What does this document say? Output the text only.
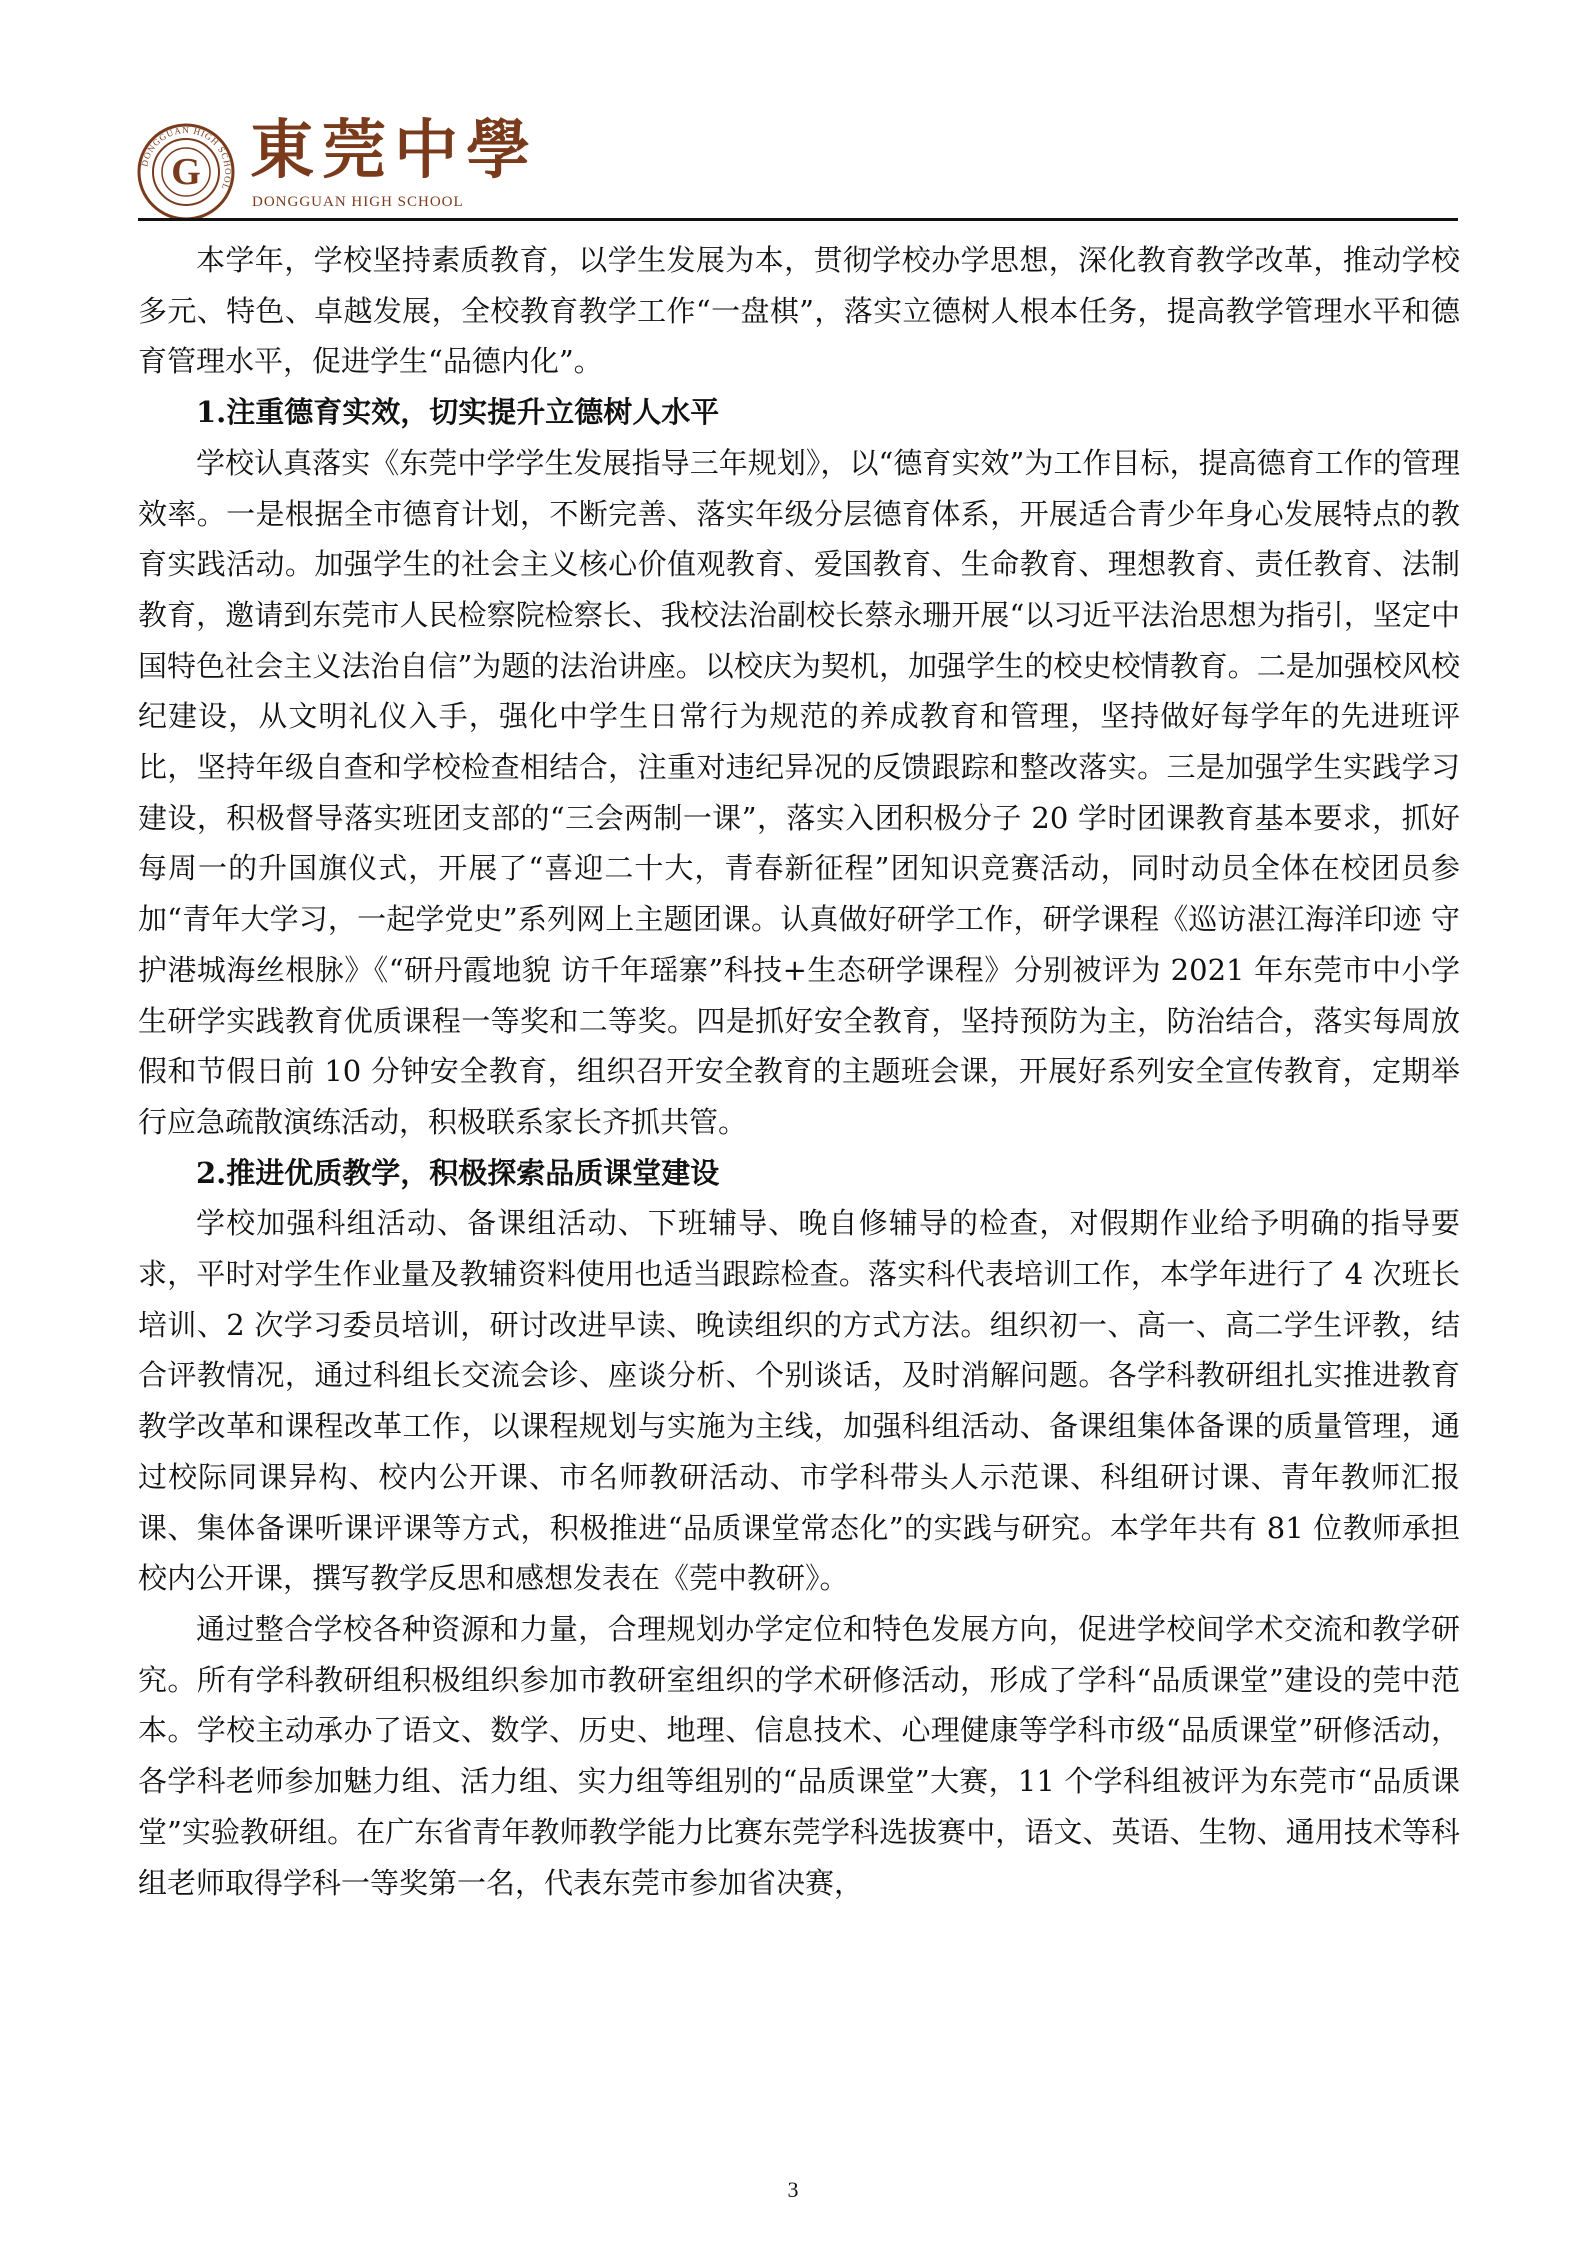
DONGGUAN HIGH SCHOOL
G 東莞中學
DONGGUAN HIGH SCHOOL

本学年，学校坚持素质教育，以学生发展为本，贯彻学校办学思想，深化教育教学改革，推动学校多元、特色、卓越发展，全校教育教学工作“一盘棋”，落实立德树人根本任务，提高教学管理水平和德育管理水平，促进学生“品德内化”。

1.注重德育实效，切实提升立德树人水平

学校认真落实《东莞中学学生发展指导三年规划》，以“德育实效”为工作目标，提高德育工作的管理效率。一是根据全市德育计划，不断完善、落实年级分层德育体系，开展适合青少年身心发展特点的教育实践活动。加强学生的社会主义核心价值观教育、爱国教育、生命教育、理想教育、责任教育、法制教育，邀请到东莞市人民检察院检察长、我校法治副校长蔡永珊开展“以习近平法治思想为指引，坚定中国特色社会主义法治自信”为题的法治讲座。以校庆为契机，加强学生的校史校情教育。二是加强校风校纪建设，从文明礼仪入手，强化中学生日常行为规范的养成教育和管理，坚持做好每学年的先进班评比，坚持年级自查和学校检查相结合，注重对违纪异况的反馈跟踪和整改落实。三是加强学生实践学习建设，积极督导落实班团支部的“三会两制一课”，落实入团积极分子 20 学时团课教育基本要求，抓好每周一的升国旗仪式，开展了“喜迎二十大，青春新征程”团知识竞赛活动，同时动员全体在校团员参加“青年大学习，一起学党史”系列网上主题团课。认真做好研学工作，研学课程《巡访湛江海洋印迹 守护港城海丝根脉》《“研丹霞地貌 访千年瑶寨”科技+生态研学课程》分别被评为 2021 年东莞市中小学生研学实践教育优质课程一等奖和二等奖。四是抓好安全教育，坚持预防为主，防治结合，落实每周放假和节假日前 10 分钟安全教育，组织召开安全教育的主题班会课，开展好系列安全宣传教育，定期举行应急疏散演练活动，积极联系家长齐抓共管。

2.推进优质教学，积极探索品质课堂建设

学校加强科组活动、备课组活动、下班辅导、晚自修辅导的检查，对假期作业给予明确的指导要求，平时对学生作业量及教辅资料使用也适当跟踪检查。落实科代表培训工作，本学年进行了 4 次班长培训、2 次学习委员培训，研讨改进早读、晚读组织的方式方法。组织初一、高一、高二学生评教，结合评教情况，通过科组长交流会诊、座谈分析、个别谈话，及时消解问题。各学科教研组扎实推进教育教学改革和课程改革工作，以课程规划与实施为主线，加强科组活动、备课组集体备课的质量管理，通过校际同课异构、校内公开课、市名师教研活动、市学科带头人示范课、科组研讨课、青年教师汇报课、集体备课听课评课等方式，积极推进“品质课堂常态化”的实践与研究。本学年共有 81 位教师承担校内公开课，撰写教学反思和感想发表在《莞中教研》。

通过整合学校各种资源和力量，合理规划办学定位和特色发展方向，促进学校间学术交流和教学研究。所有学科教研组积极组织参加市教研室组织的学术研修活动，形成了学科“品质课堂”建设的莞中范本。学校主动承办了语文、数学、历史、地理、信息技术、心理健康等学科市级“品质课堂”研修活动，各学科老师参加魅力组、活力组、实力组等组别的“品质课堂”大赛，11 个学科组被评为东莞市“品质课堂”实验教研组。在广东省青年教师教学能力比赛东莞学科选拔赛中，语文、英语、生物、通用技术等科组老师取得学科一等奖第一名，代表东莞市参加省决赛，

3
